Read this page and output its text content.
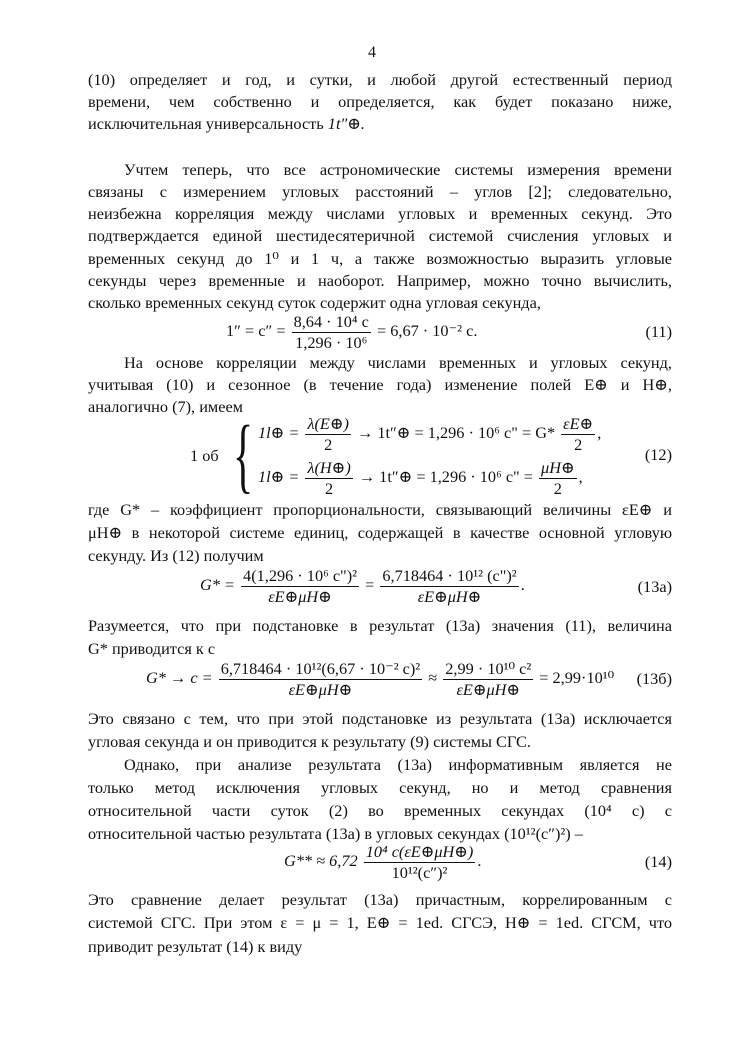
4
(10) определяет и год, и сутки, и любой другой естественный период
времени, чем собственно и определяется, как будет показано ниже,
исключительная универсальность 1t″⊕.
Учтем теперь, что все астрономические системы измерения времени
связаны с измерением угловых расстояний – углов [2]; следовательно,
неизбежна корреляция между числами угловых и временных секунд. Это
подтверждается единой шестидесятеричной системой счисления угловых и
временных секунд до 1⁰ и 1 ч, а также возможностью выразить угловые
секунды через временные и наоборот. Например, можно точно вычислить,
сколько временных секунд суток содержит одна угловая секунда,
$1'' = c'' = \frac{\text{8,64 · 10⁴ c}}{\text{1,296 · 10⁶}} = 6,67 \cdot 10^{-2}$ c.	(11)
На основе корреляции между числами временных и угловых секунд,
учитывая (10) и сезонное (в течение года) изменение полей E⊕ и H⊕,
аналогично (7), имеем
1 об { 1l⊕ = $\frac{\lambda(E\oplus)}{2}$ → 1t″⊕ = 1,296 · 10⁶ c" = $G* \frac{\varepsilon E\oplus}{2}$ ,
1l⊕ = $\frac{\lambda(H\oplus)}{2}$ → 1t″⊕ = 1,296 · 10⁶ c" = $\frac{\mu H\oplus}{2}$ ,
(12)
где G* – коэффициент пропорциональности, связывающий величины εE⊕ и
μH⊕ в некоторой системе единиц, содержащей в качестве основной угловую
секунду. Из (12) получим
$G* = \frac{\text{4(1,296 · 10⁶ c")²}}{\varepsilon E\oplus\mu H\oplus} = \frac{\text{6,718464 · 10¹² (c")²}}{\varepsilon E\oplus\mu H\oplus}$ .	(13а)
Разумеется, что при подстановке в результат (13а) значения (11), величина
G* приводится к c
$G* \to c = \frac{\text{6,718464 · 10¹²(6,67 · 10⁻² c)²}}{\varepsilon E\oplus\mu H\oplus} \approx \frac{\text{2,99 · 10¹⁰ c²}}{\varepsilon E\oplus\mu H\oplus} = 2,99\cdot 10^{10}$ (13б)
Это связано с тем, что при этой подстановке из результата (13а) исключается
угловая секунда и он приводится к результату (9) системы СГС.
Однако, при анализе результата (13а) информативным является не
только метод исключения угловых секунд, но и метод сравнения
относительной части суток (2) во временных секундах (10⁴ c) с
относительной частью результата (13а) в угловых секундах (10¹²(c″)²) –
$G** \approx 6,72 \frac{\text{10⁴ c(εE⊕μH⊕)}}{\text{10¹²(c″)²}}$ .	(14)
Это сравнение делает результат (13а) причастным, коррелированным с
системой СГС. При этом ε = μ = 1, E⊕ = 1ed. СГСЭ, H⊕ = 1ed. СГСМ, что
приводит результат (14) к виду
